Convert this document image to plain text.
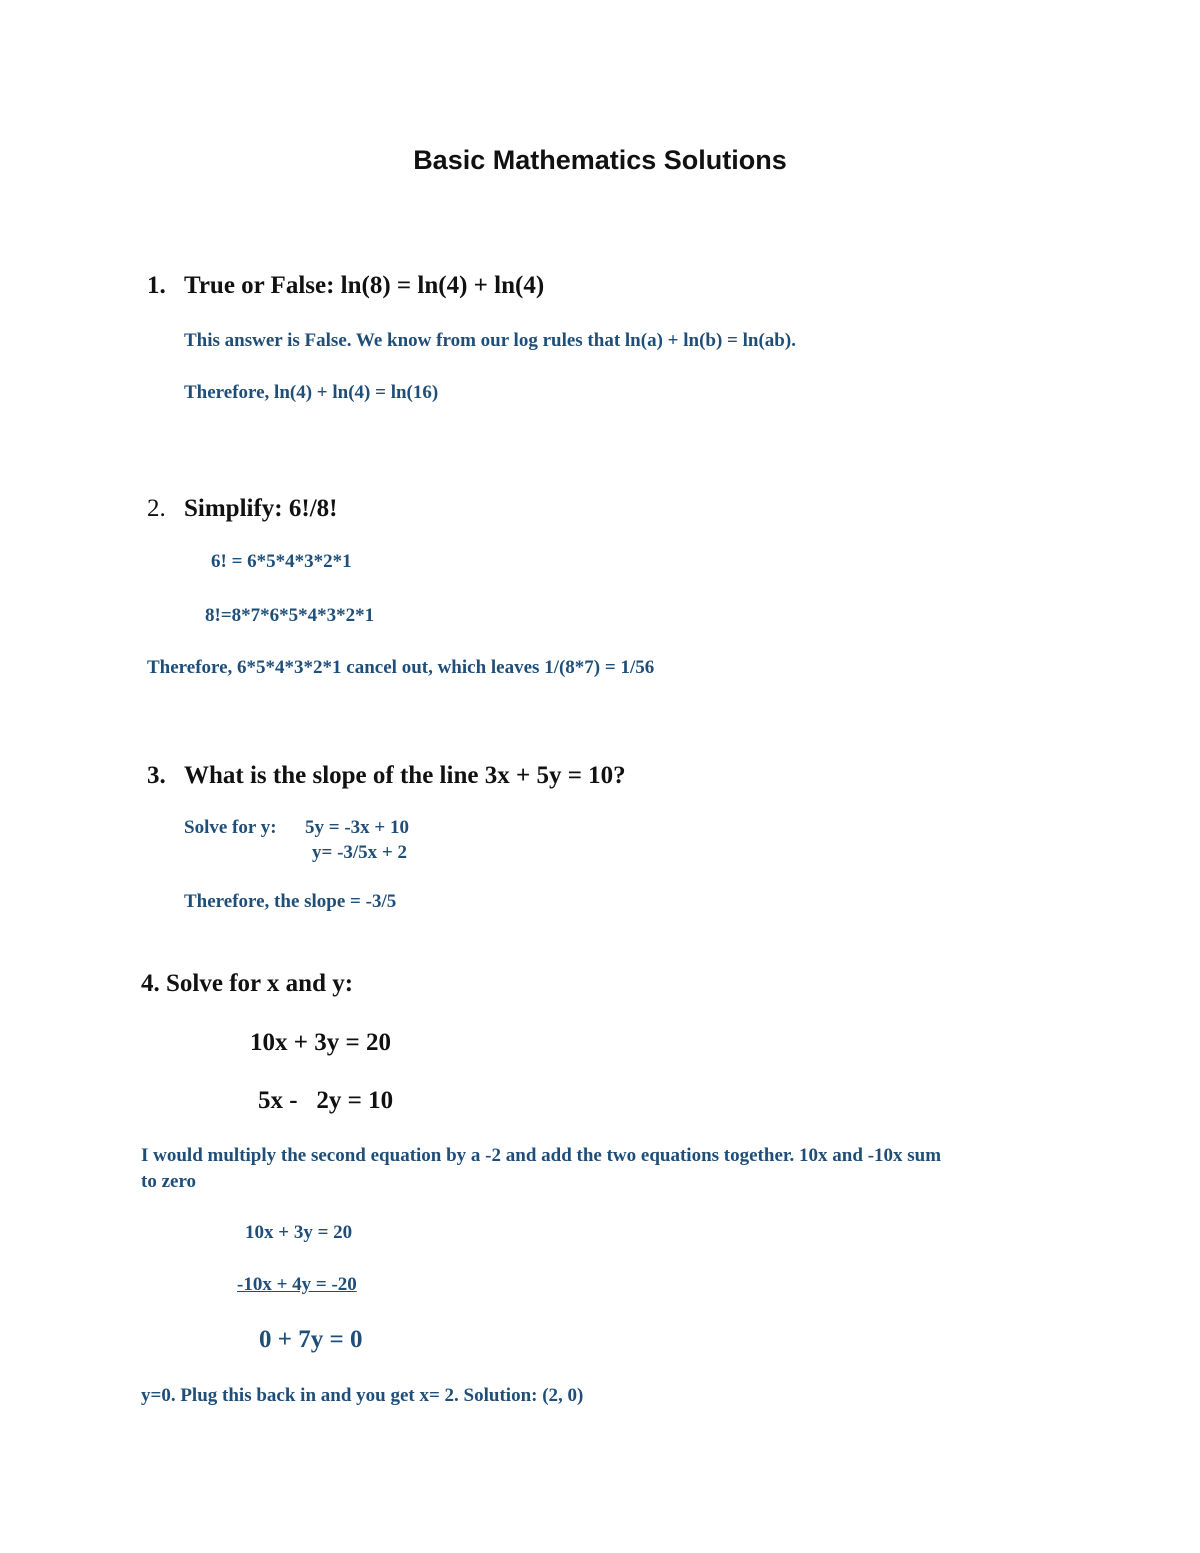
Basic Mathematics Solutions
1. True or False: ln(8) = ln(4) + ln(4)
This answer is False. We know from our log rules that ln(a) + ln(b) = ln(ab).
Therefore, ln(4) + ln(4) = ln(16)
2. Simplify: 6!/8!
6! = 6*5*4*3*2*1
8!=8*7*6*5*4*3*2*1
Therefore, 6*5*4*3*2*1 cancel out, which leaves 1/(8*7) = 1/56
3. What is the slope of the line 3x + 5y = 10?
Solve for y: 5y = -3x + 10
y= -3/5x + 2
Therefore, the slope = -3/5
4. Solve for x and y:
10x + 3y = 20
5x -   2y = 10
I would multiply the second equation by a -2 and add the two equations together. 10x and -10x sum
to zero
10x + 3y = 20
-10x + 4y = -20
0 + 7y = 0
y=0. Plug this back in and you get x= 2. Solution: (2, 0)
